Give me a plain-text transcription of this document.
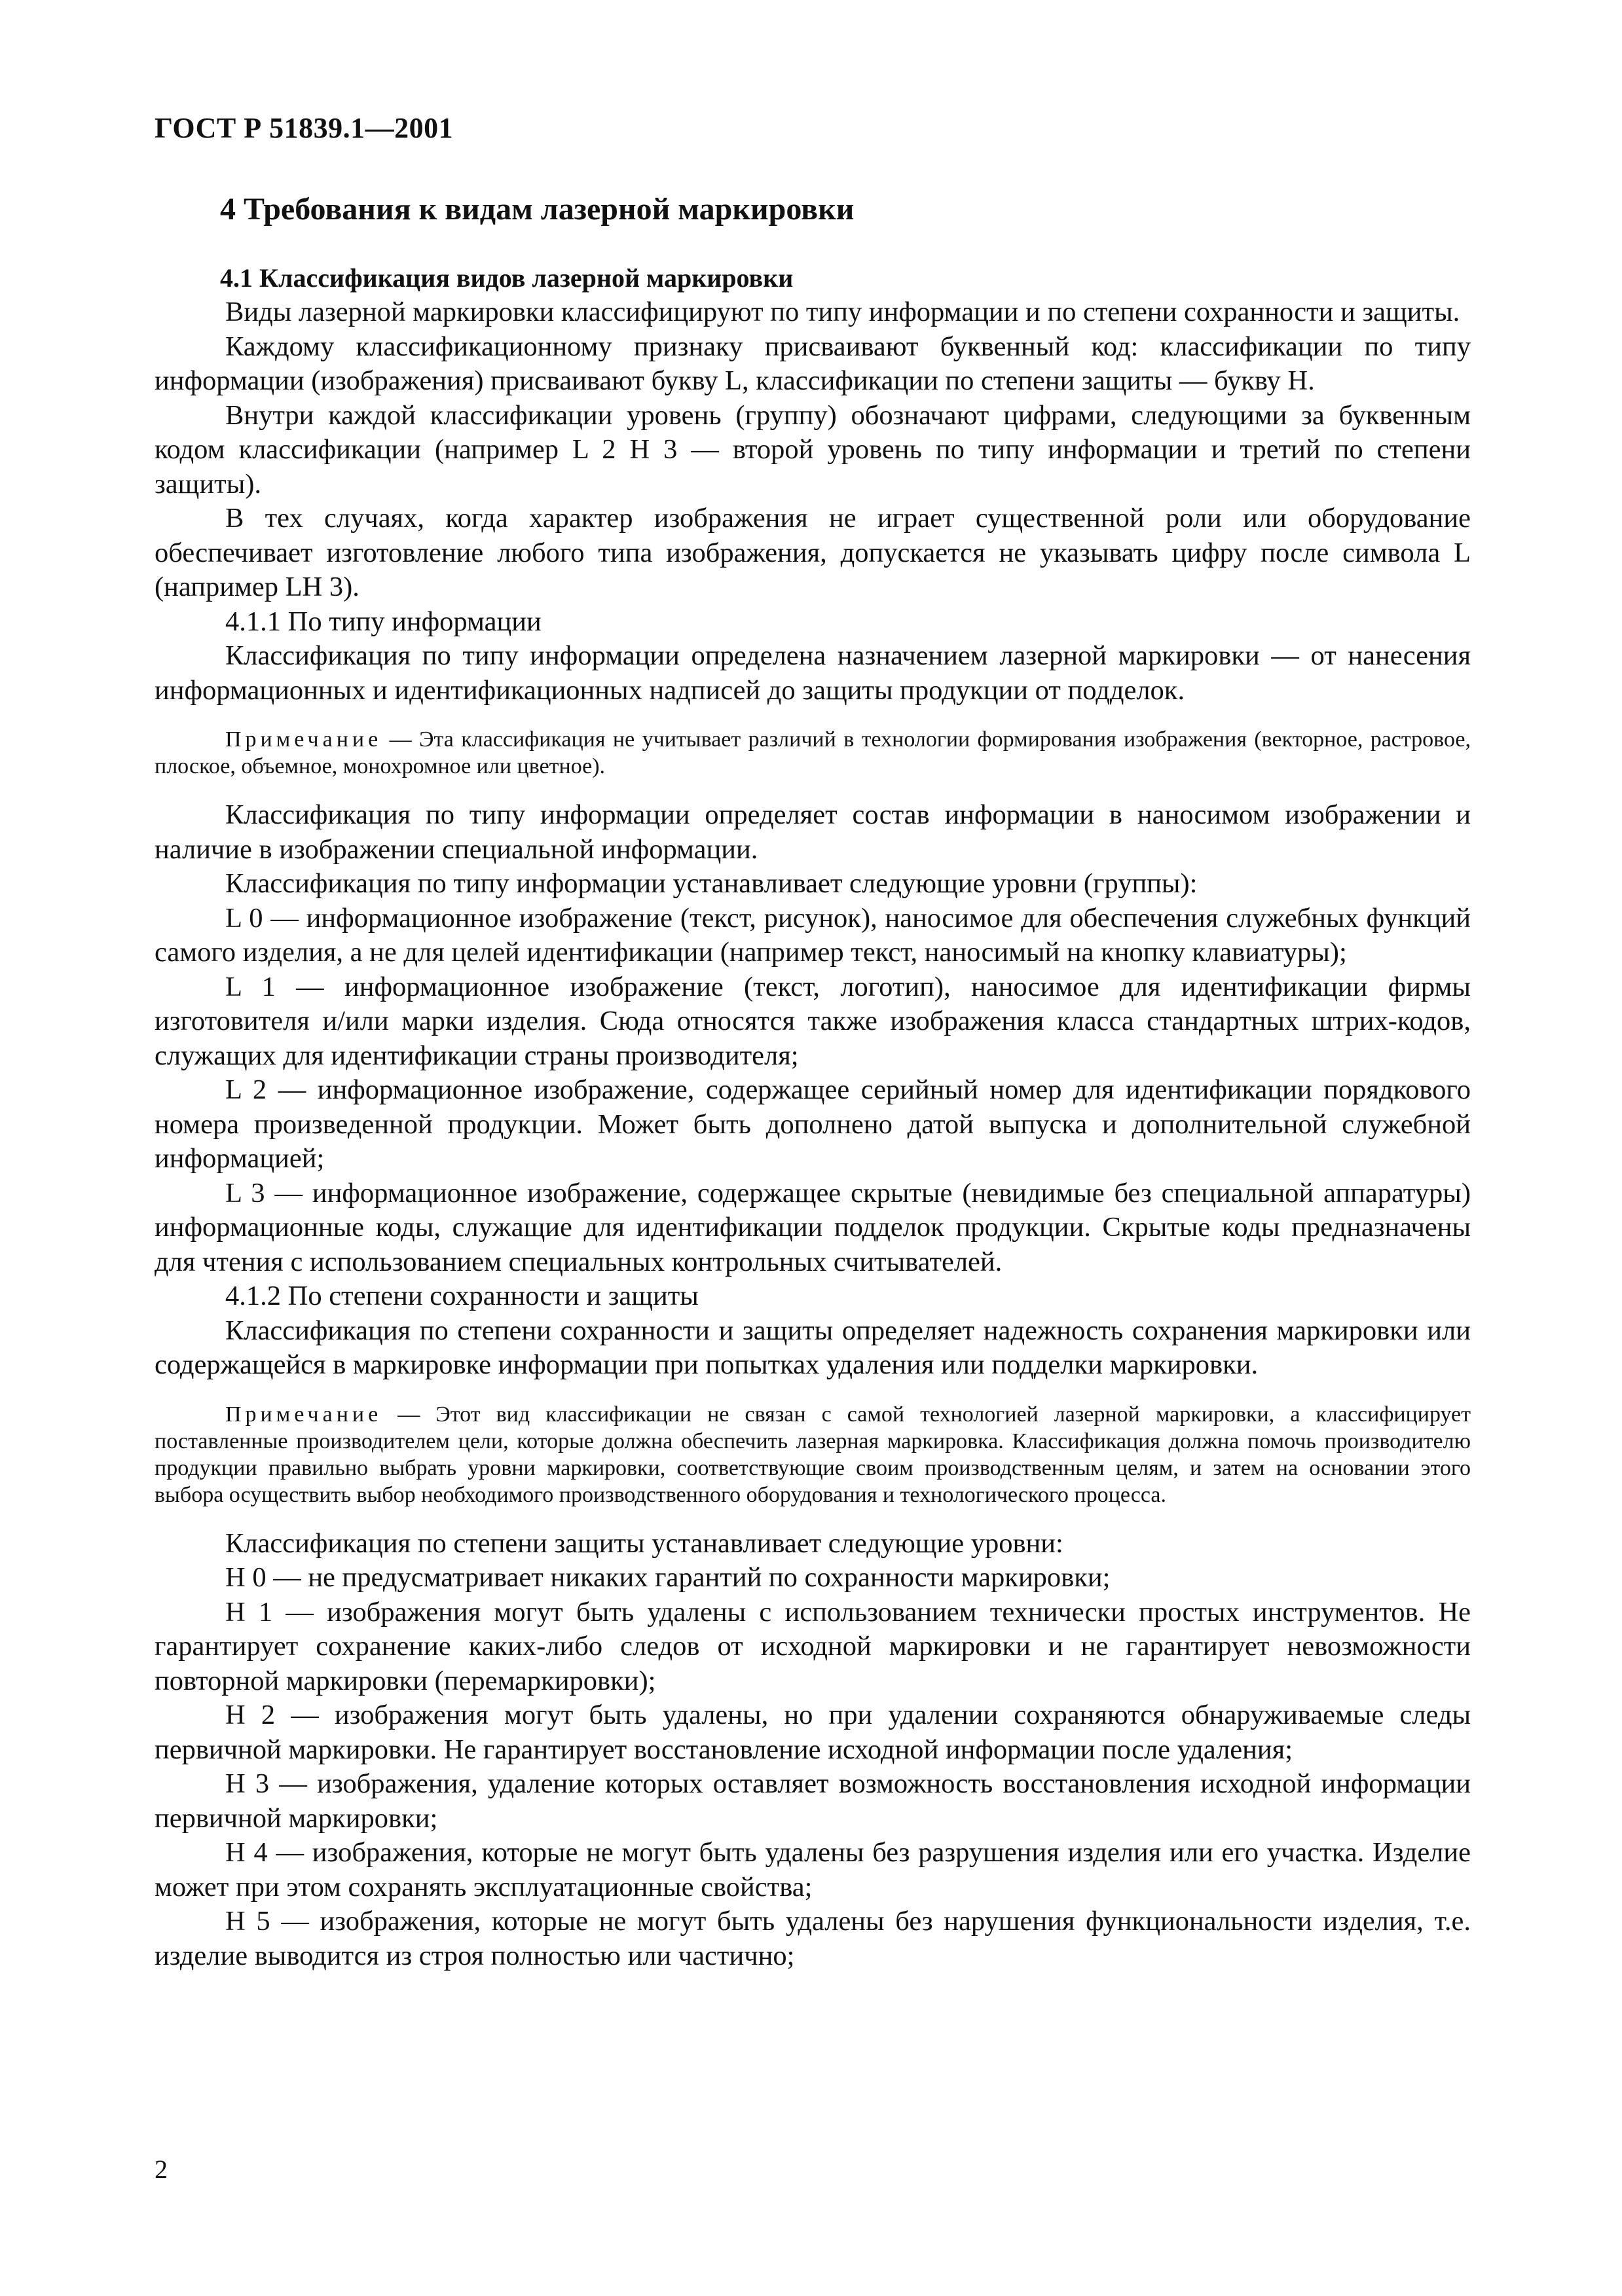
ГОСТ Р 51839.1—2001
4 Требования к видам лазерной маркировки
4.1 Классификация видов лазерной маркировки

Виды лазерной маркировки классифицируют по типу информации и по степени сохранности и защиты.

Каждому классификационному признаку присваивают буквенный код: классификации по типу информации (изображения) присваивают букву L, классификации по степени защиты — букву Н.

Внутри каждой классификации уровень (группу) обозначают цифрами, следующими за буквенным кодом классификации (например L 2 Н 3 — второй уровень по типу информации и третий по степени защиты).

В тех случаях, когда характер изображения не играет существенной роли или оборудование обеспечивает изготовление любого типа изображения, допускается не указывать цифру после символа L (например LH 3).

4.1.1 По типу информации

Классификация по типу информации определена назначением лазерной маркировки — от нанесения информационных и идентификационных надписей до защиты продукции от подделок.

Примечание — Эта классификация не учитывает различий в технологии формирования изображения (векторное, растровое, плоское, объемное, монохромное или цветное).

Классификация по типу информации определяет состав информации в наносимом изображении и наличие в изображении специальной информации.

Классификация по типу информации устанавливает следующие уровни (группы):

L 0 — информационное изображение (текст, рисунок), наносимое для обеспечения служебных функций самого изделия, а не для целей идентификации (например текст, наносимый на кнопку клавиатуры);

L 1 — информационное изображение (текст, логотип), наносимое для идентификации фирмы изготовителя и/или марки изделия. Сюда относятся также изображения класса стандартных штрих-кодов, служащих для идентификации страны производителя;

L 2 — информационное изображение, содержащее серийный номер для идентификации порядкового номера произведенной продукции. Может быть дополнено датой выпуска и дополнительной служебной информацией;

L 3 — информационное изображение, содержащее скрытые (невидимые без специальной аппаратуры) информационные коды, служащие для идентификации подделок продукции. Скрытые коды предназначены для чтения с использованием специальных контрольных считывателей.

4.1.2 По степени сохранности и защиты

Классификация по степени сохранности и защиты определяет надежность сохранения маркировки или содержащейся в маркировке информации при попытках удаления или подделки маркировки.

Примечание — Этот вид классификации не связан с самой технологией лазерной маркировки, а классифицирует поставленные производителем цели, которые должна обеспечить лазерная маркировка. Классификация должна помочь производителю продукции правильно выбрать уровни маркировки, соответствующие своим производственным целям, и затем на основании этого выбора осуществить выбор необходимого производственного оборудования и технологического процесса.

Классификация по степени защиты устанавливает следующие уровни:

Н 0 — не предусматривает никаких гарантий по сохранности маркировки;

Н 1 — изображения могут быть удалены с использованием технически простых инструментов. Не гарантирует сохранение каких-либо следов от исходной маркировки и не гарантирует невозможности повторной маркировки (перемаркировки);

Н 2 — изображения могут быть удалены, но при удалении сохраняются обнаруживаемые следы первичной маркировки. Не гарантирует восстановление исходной информации после удаления;

Н 3 — изображения, удаление которых оставляет возможность восстановления исходной информации первичной маркировки;

Н 4 — изображения, которые не могут быть удалены без разрушения изделия или его участка. Изделие может при этом сохранять эксплуатационные свойства;

Н 5 — изображения, которые не могут быть удалены без нарушения функциональности изделия, т.е. изделие выводится из строя полностью или частично;

2
